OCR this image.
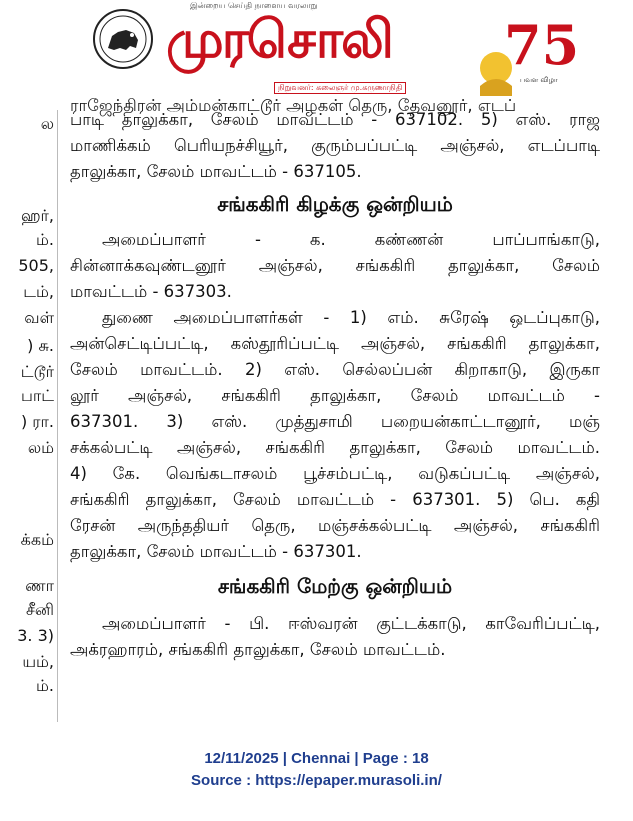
இன்றைய செய்தி நாளைய வரலாறு
முரசொலி
நிறுவனர்: கலைஞர் மு.கருணாநிதி
75
பவள விழா
ல
ஹர்,
ம்.
505,
டம்,
வள்
) சு.
ட்டூர்
பாட்
) ரா.
லம்
க்கம்
ணா
சீனி
3. 3)
யம்,
ம்.
ராஜேந்திரன் அம்மன்காட்டூர் அழகள் தெரு, தேவனூர், எடப்
பாடி தாலுக்கா, சேலம் மாவட்டம் - 637102. 5) எஸ். ராஜ
மாணிக்கம் பெரியநச்சியூர், குரும்பப்பட்டி அஞ்சல், எடப்பாடி
தாலுக்கா, சேலம் மாவட்டம் - 637105.
சங்ககிரி கிழக்கு ஒன்றியம்
அமைப்பாளர் - க. கண்ணன் பாப்பாங்காடு,
சின்னாக்கவுண்டனூர் அஞ்சல், சங்ககிரி தாலுக்கா, சேலம்
மாவட்டம் - 637303.
துணை அமைப்பாளர்கள் - 1) எம். சுரேஷ் ஒடப்புகாடு,
அன்செட்டிப்பட்டி, கஸ்தூரிப்பட்டி அஞ்சல், சங்ககிரி தாலுக்கா,
சேலம் மாவட்டம். 2) எஸ். செல்லப்பன் கிறாகாடு, இருகா
லூர் அஞ்சல், சங்ககிரி தாலுக்கா, சேலம் மாவட்டம் -
637301. 3) எஸ். முத்துசாமி பறையன்காட்டானூர், மஞ்
சக்கல்பட்டி அஞ்சல், சங்ககிரி தாலுக்கா, சேலம் மாவட்டம்.
4) கே. வெங்கடாசலம் பூச்சம்பட்டி, வடுகப்பட்டி அஞ்சல்,
சங்ககிரி தாலுக்கா, சேலம் மாவட்டம் - 637301. 5) பெ. கதி
ரேசன் அருந்ததியர் தெரு, மஞ்சக்கல்பட்டி அஞ்சல், சங்ககிரி
தாலுக்கா, சேலம் மாவட்டம் - 637301.
சங்ககிரி மேற்கு ஒன்றியம்
அமைப்பாளர் - பி. ஈஸ்வரன் குட்டக்காடு, காவேரிப்பட்டி,
அக்ரஹாரம், சங்ககிரி தாலுக்கா, சேலம் மாவட்டம்.
12/11/2025 | Chennai | Page : 18
Source : https://epaper.murasoli.in/
